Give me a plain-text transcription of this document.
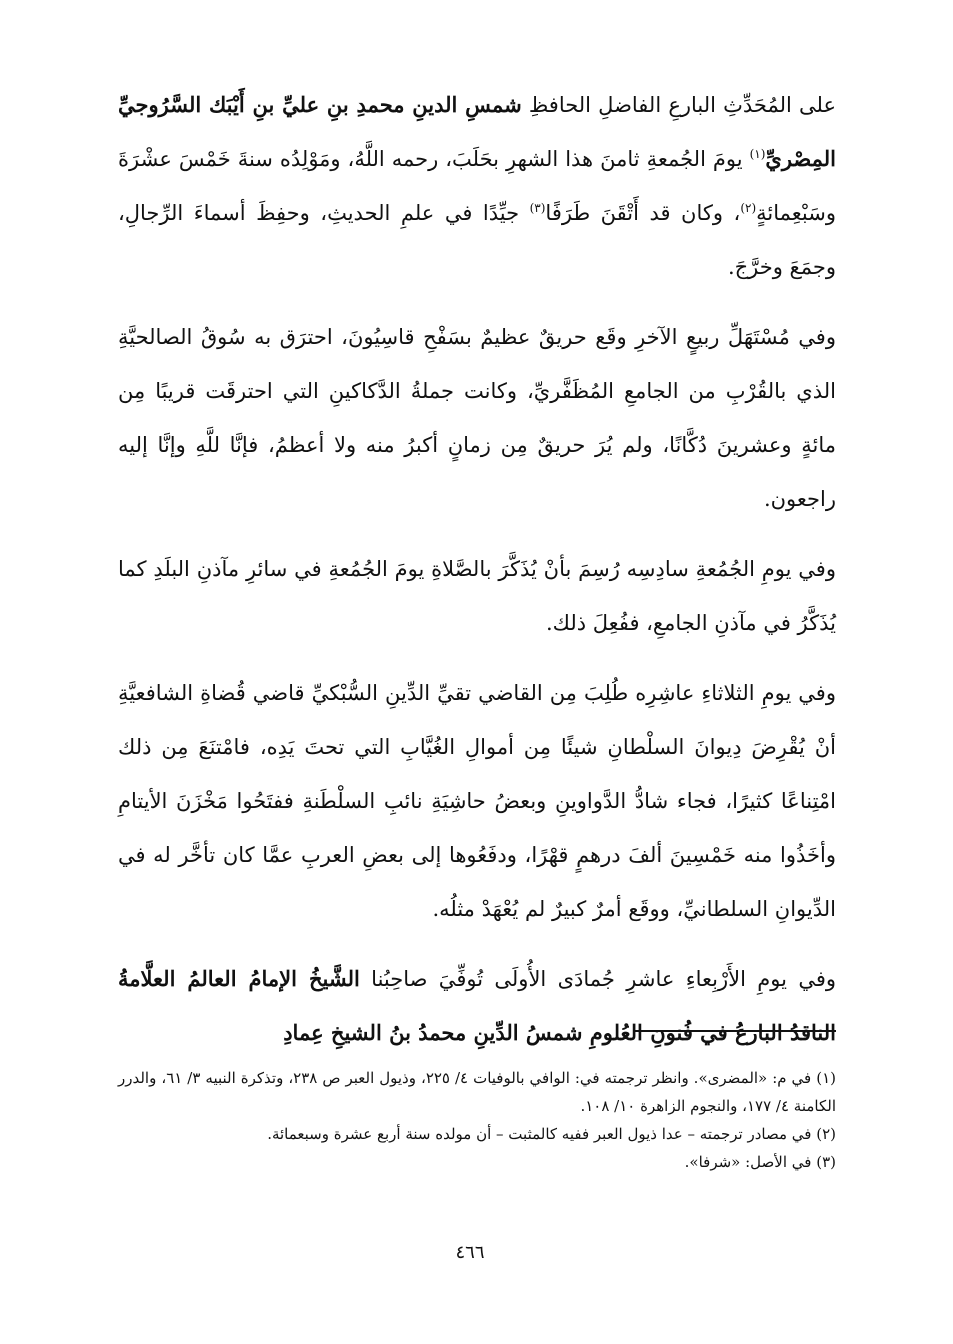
على المُحَدِّثِ البارعِ الفاضلِ الحافظِ شمسِ الدينِ محمدِ بنِ عليِّ بنِ أَيْبَك السَّرُوجيِّ المِصْريِّ$^{(١)}$ يومَ الجُمعةِ ثامنَ هذا الشهرِ بحَلَبَ، رحمه اللَّهُ، ومَوْلِدُه سنةَ خَمْسَ عشْرَةَ وسَبْعِمائةٍ$^{(٢)}$، وكان قد أَتْقَنَ طَرَفًا$^{(٣)}$ جيِّدًا في علمِ الحديثِ، وحفِظَ أسماءَ الرِّجالِ، وجمَعَ وخرَّجَ.

وفي مُسْتَهَلِّ ربيعٍ الآخرِ وقَع حريقٌ عظيمٌ بسَفْحِ قاسِيُونَ، احترَق به سُوقُ الصالحيَّةِ الذي بالقُرْبِ من الجامعِ المُظَفَّريِّ، وكانت جملةُ الدَّكاكينِ التي احترقَت قريبًا مِن مائةٍ وعشرينَ دُكَّانًا، ولم يُرَ حريقٌ مِن زمانٍ أكبرُ منه ولا أعظمُ، فإنَّا للَّهِ وإنَّا إليه راجعون.

وفي يومِ الجُمُعةِ سادِسِه رُسِمَ بأنْ يُذَكَّرَ بالصَّلاةِ يومَ الجُمُعةِ في سائرِ مآذنِ البلَدِ كما يُذَكَّرُ في مآذنِ الجامعِ، ففُعِلَ ذلك.

وفي يومِ الثلاثاءِ عاشِرِه طُلِبَ مِن القاضي تقيِّ الدِّينِ السُّبْكيِّ قاضي قُضاةِ الشافعيَّةِ أنْ يُقْرِضَ دِيوانَ السلْطانِ شيئًا مِن أموالِ الغُيَّابِ التي تحتَ يَدِه، فامْتنَعَ مِن ذلك امْتِناعًا كثيرًا، فجاء شادُّ الدَّواوينِ وبعضُ حاشِيَةِ نائبِ السلْطَنةِ ففتَحُوا مَخْزَنَ الأيتامِ وأخَذُوا منه خَمْسِينَ ألفَ درهمٍ قهْرًا، ودفَعُوها إلى بعضِ العربِ عمَّا كان تأخَّر له في الدِّيوانِ السلطانيِّ، ووقَع أمرٌ كبيرٌ لم يُعْهَدْ مثلُه.

وفي يومِ الأَرْبِعاءِ عاشرِ جُمادَى الأُولَى تُوفِّيَ صاحِبُنا الشَّيخُ الإمامُ العالمُ العلَّامةُ الناقدُ البارعُ في فُنونِ العُلومِ شمسُ الدِّينِ محمدُ بنُ الشيخِ عِمادِ

(١) في م: «المضرى». وانظر ترجمته في: الوافي بالوفيات ٤/ ٢٢٥، وذيول العبر ص ٢٣٨، وتذكرة النبيه ٣/ ٦١، والدرر الكامنة ٤/ ١٧٧، والنجوم الزاهرة ١٠/ ١٠٨.

(٢) في مصادر ترجمته – عدا ذيول العبر ففيه كالمثبت – أن مولده سنة أربع عشرة وسبعمائة.

(٣) في الأصل: «شرفا».

٤٦٦
